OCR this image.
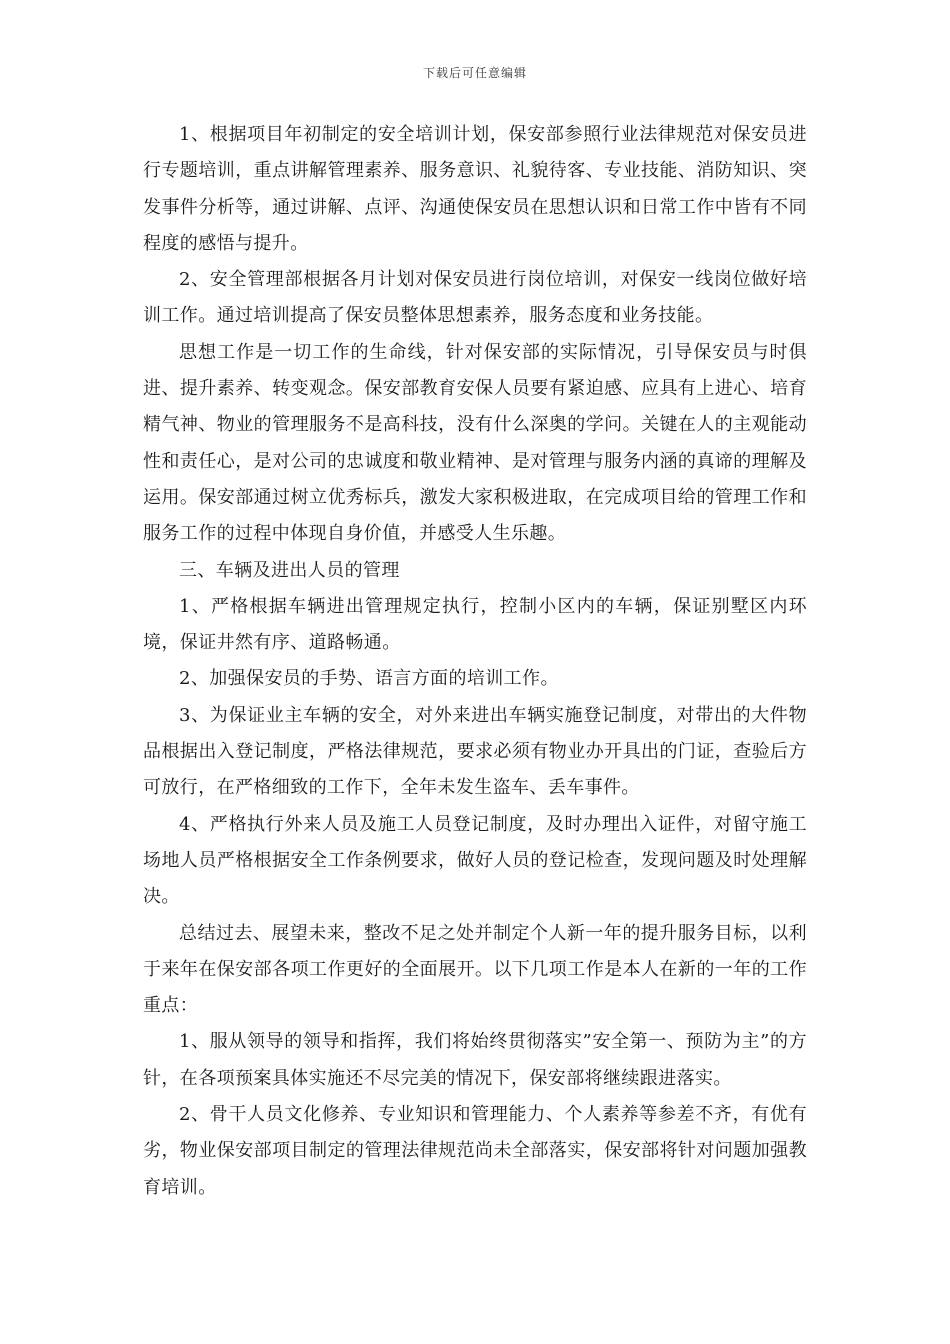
下载后可任意编辑

1、根据项目年初制定的安全培训计划，保安部参照行业法律规范对保安员进行专题培训，重点讲解管理素养、服务意识、礼貌待客、专业技能、消防知识、突发事件分析等，通过讲解、点评、沟通使保安员在思想认识和日常工作中皆有不同程度的感悟与提升。

2、安全管理部根据各月计划对保安员进行岗位培训，对保安一线岗位做好培训工作。通过培训提高了保安员整体思想素养，服务态度和业务技能。

思想工作是一切工作的生命线，针对保安部的实际情况，引导保安员与时俱进、提升素养、转变观念。保安部教育安保人员要有紧迫感、应具有上进心、培育精气神、物业的管理服务不是高科技，没有什么深奥的学问。关键在人的主观能动性和责任心，是对公司的忠诚度和敬业精神、是对管理与服务内涵的真谛的理解及运用。保安部通过树立优秀标兵，激发大家积极进取，在完成项目给的管理工作和服务工作的过程中体现自身价值，并感受人生乐趣。

三、车辆及进出人员的管理

1、严格根据车辆进出管理规定执行，控制小区内的车辆，保证别墅区内环境，保证井然有序、道路畅通。

2、加强保安员的手势、语言方面的培训工作。

3、为保证业主车辆的安全，对外来进出车辆实施登记制度，对带出的大件物品根据出入登记制度，严格法律规范，要求必须有物业办开具出的门证，查验后方可放行，在严格细致的工作下，全年未发生盗车、丢车事件。

4、严格执行外来人员及施工人员登记制度，及时办理出入证件，对留守施工场地人员严格根据安全工作条例要求，做好人员的登记检查，发现问题及时处理解决。

总结过去、展望未来，整改不足之处并制定个人新一年的提升服务目标，以利于来年在保安部各项工作更好的全面展开。以下几项工作是本人在新的一年的工作重点：

1、服从领导的领导和指挥，我们将始终贯彻落实”安全第一、预防为主”的方针，在各项预案具体实施还不尽完美的情况下，保安部将继续跟进落实。

2、骨干人员文化修养、专业知识和管理能力、个人素养等参差不齐，有优有劣，物业保安部项目制定的管理法律规范尚未全部落实，保安部将针对问题加强教育培训。
